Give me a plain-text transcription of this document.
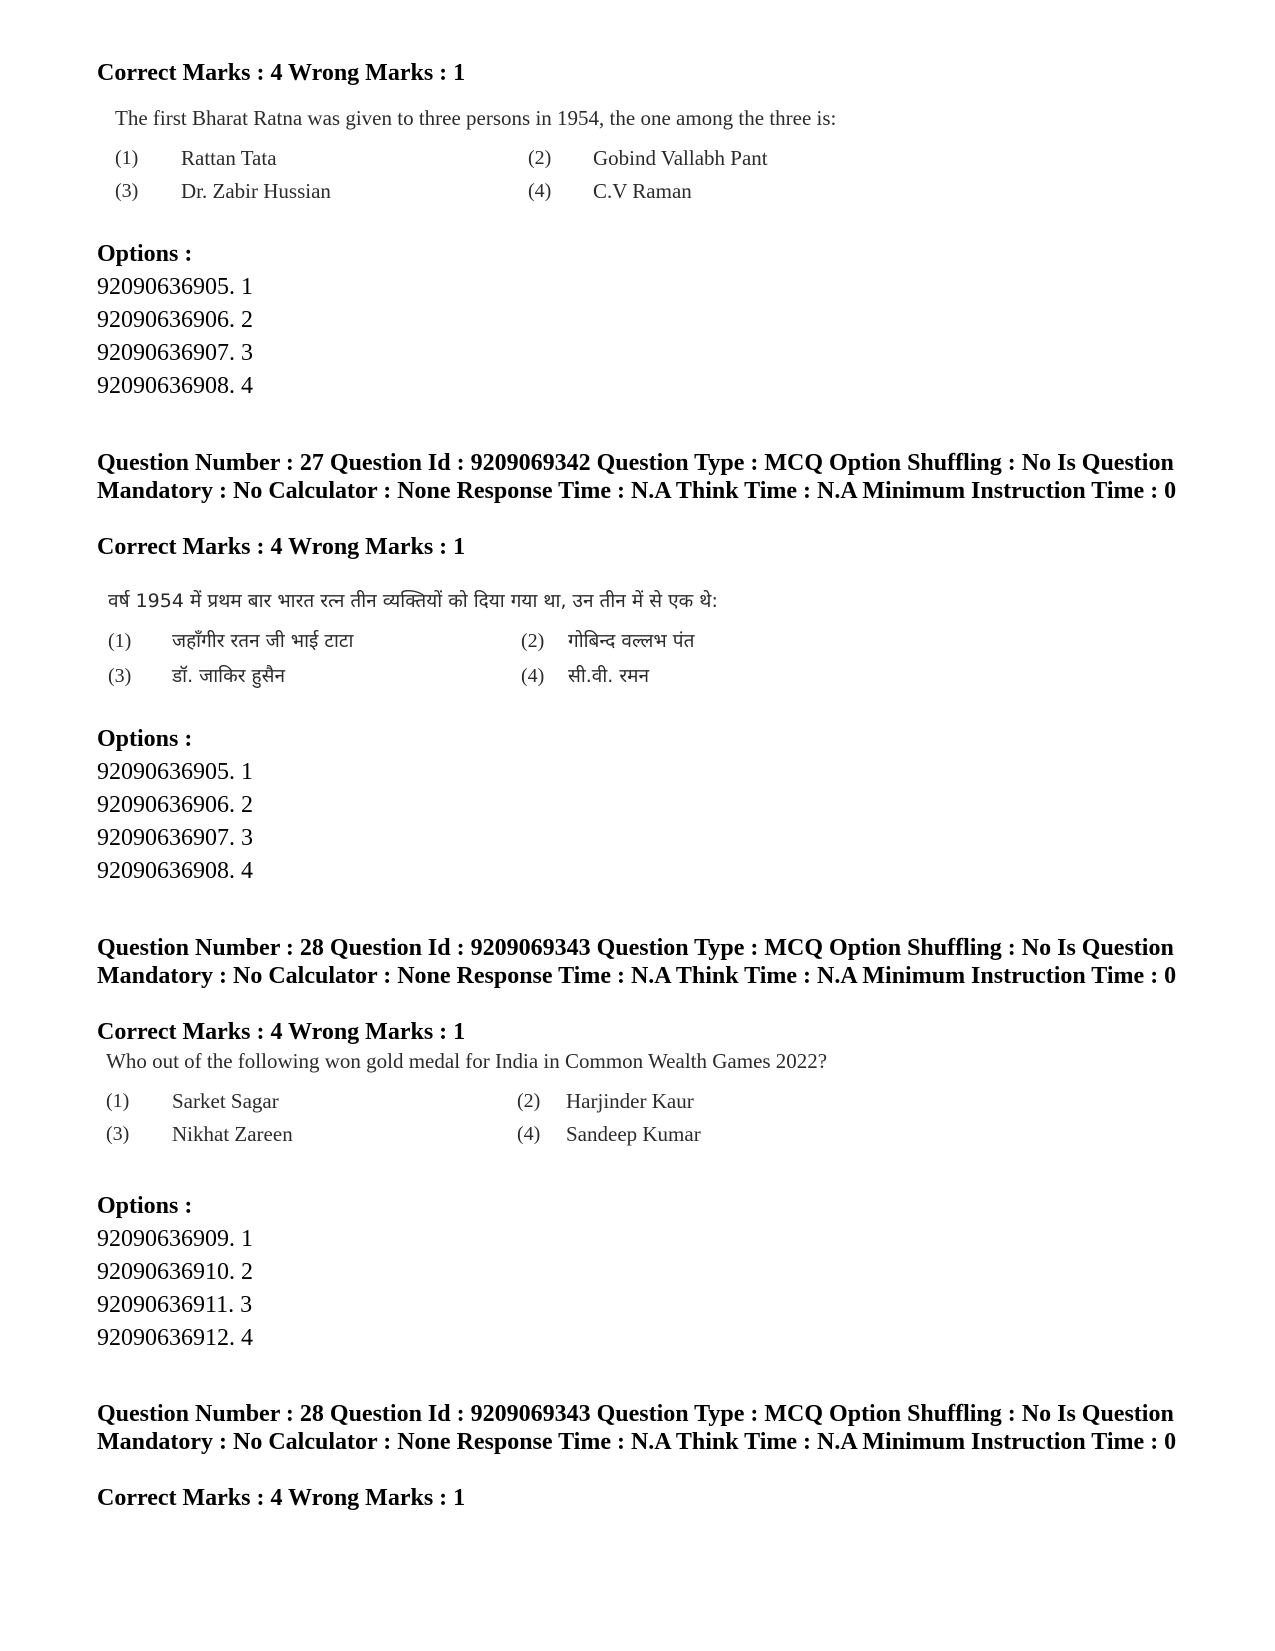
Correct Marks : 4 Wrong Marks : 1
The first Bharat Ratna was given to three persons in 1954, the one among the three is:
(1) Rattan Tata	(2) Gobind Vallabh Pant
(3) Dr. Zabir Hussian	(4) C.V Raman
Options :
92090636905. 1
92090636906. 2
92090636907. 3
92090636908. 4
Question Number : 27 Question Id : 9209069342 Question Type : MCQ Option Shuffling : No Is Question Mandatory : No Calculator : None Response Time : N.A Think Time : N.A Minimum Instruction Time : 0
Correct Marks : 4 Wrong Marks : 1
वर्ष 1954 में प्रथम बार भारत रत्न तीन व्यक्तियों को दिया गया था, उन तीन में से एक थे:
(1) जहाँगीर रतन जी भाई टाटा	(2) गोबिन्द वल्लभ पंत
(3) डॉ. जाकिर हुसैन	(4) सी.वी. रमन
Options :
92090636905. 1
92090636906. 2
92090636907. 3
92090636908. 4
Question Number : 28 Question Id : 9209069343 Question Type : MCQ Option Shuffling : No Is Question Mandatory : No Calculator : None Response Time : N.A Think Time : N.A Minimum Instruction Time : 0
Correct Marks : 4 Wrong Marks : 1
Who out of the following won gold medal for India in Common Wealth Games 2022?
(1) Sarket Sagar	(2) Harjinder Kaur
(3) Nikhat Zareen	(4) Sandeep Kumar
Options :
92090636909. 1
92090636910. 2
92090636911. 3
92090636912. 4
Question Number : 28 Question Id : 9209069343 Question Type : MCQ Option Shuffling : No Is Question Mandatory : No Calculator : None Response Time : N.A Think Time : N.A Minimum Instruction Time : 0
Correct Marks : 4 Wrong Marks : 1
